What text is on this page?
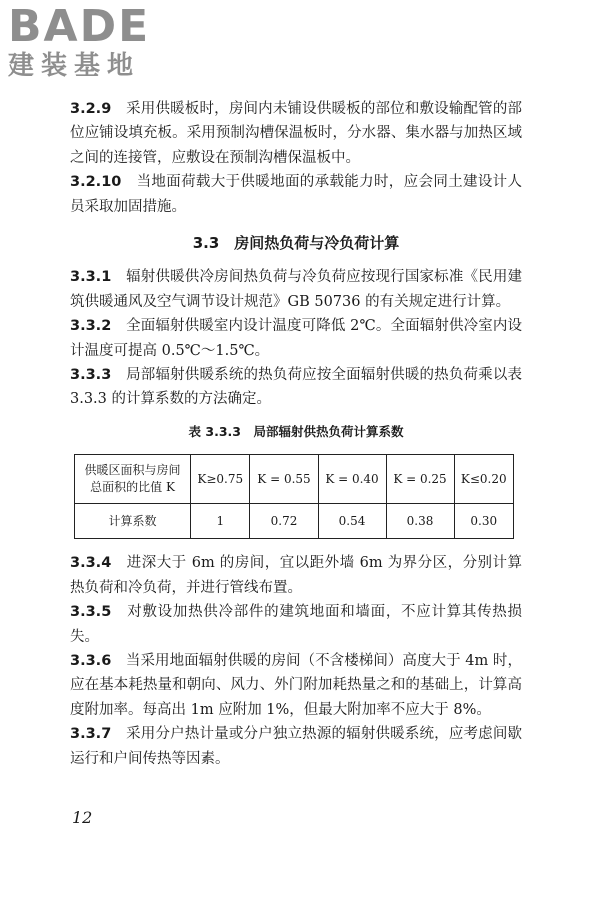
BADE
建装基地

3.2.9　 采用供暖板时，房间内未铺设供暖板的部位和敷设输配管的部位应铺设填充板。采用预制沟槽保温板时，分水器、集水器与加热区域之间的连接管，应敷设在预制沟槽保温板中。

3.2.10　 当地面荷载大于供暖地面的承载能力时，应会同土建设计人员采取加固措施。

3.3　房间热负荷与冷负荷计算

3.3.1　 辐射供暖供冷房间热负荷与冷负荷应按现行国家标准《民用建筑供暖通风及空气调节设计规范》GB 50736 的有关规定进行计算。

3.3.2　 全面辐射供暖室内设计温度可降低 2℃。全面辐射供冷室内设计温度可提高 0.5℃～1.5℃。

3.3.3　 局部辐射供暖系统的热负荷应按全面辐射供暖的热负荷乘以表 3.3.3 的计算系数的方法确定。

表 3.3.3　局部辐射供热负荷计算系数
供暖区面积与房间
总面积的比值 K	K≥0.75	K = 0.55	K = 0.40	K = 0.25	K≤0.20
计算系数	1	0.72	0.54	0.38	0.30

3.3.4　 进深大于 6m 的房间，宜以距外墙 6m 为界分区，分别计算热负荷和冷负荷，并进行管线布置。

3.3.5　 对敷设加热供冷部件的建筑地面和墙面，不应计算其传热损失。

3.3.6　 当采用地面辐射供暖的房间（不含楼梯间）高度大于 4m 时，应在基本耗热量和朝向、风力、外门附加耗热量之和的基础上，计算高度附加率。每高出 1m 应附加 1%，但最大附加率不应大于 8%。

3.3.7　 采用分户热计量或分户独立热源的辐射供暖系统，应考虑间歇运行和户间传热等因素。

12
